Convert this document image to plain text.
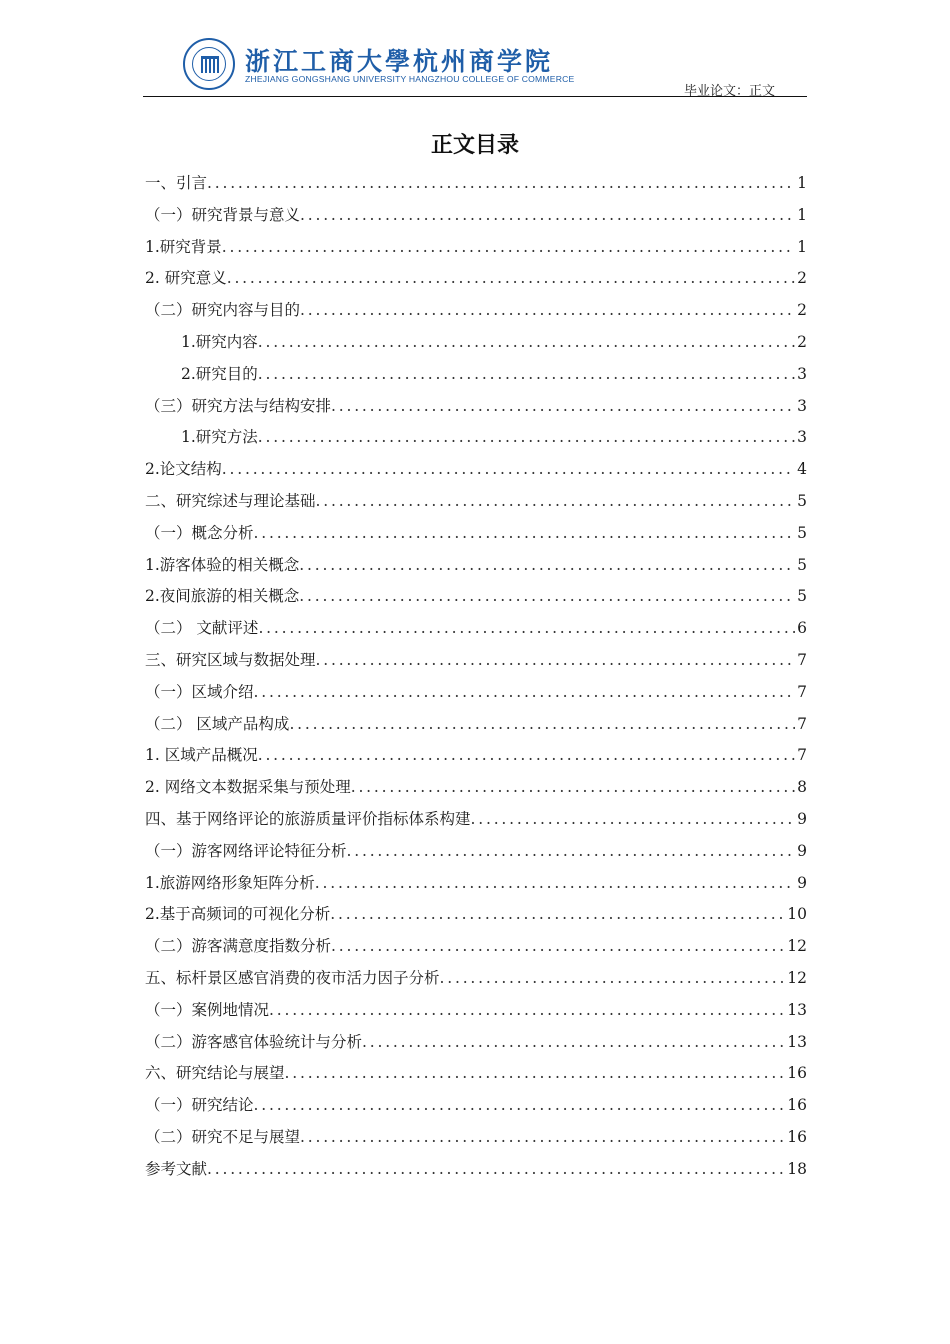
浙江工商大學杭州商学院
ZHEJIANG GONGSHANG UNIVERSITY HANGZHOU COLLEGE OF COMMERCE
毕业论文：正文
正文目录
一、引言 .....	1
（一）研究背景与意义 .....	1
1.研究背景 .....	1
2. 研究意义 .....	2
（二）研究内容与目的 .....	2
1.研究内容 .....	2
2.研究目的 .....	3
（三）研究方法与结构安排 .....	3
1.研究方法 .....	3
2.论文结构 .....	4
二、研究综述与理论基础 .....	5
（一）概念分析 .....	5
1.游客体验的相关概念 .....	5
2.夜间旅游的相关概念 .....	5
（二） 文献评述 .....	6
三、研究区域与数据处理 .....	7
（一）区域介绍 .....	7
（二） 区域产品构成 .....	7
1. 区域产品概况 .....	7
2. 网络文本数据采集与预处理 .....	8
四、基于网络评论的旅游质量评价指标体系构建 .....	9
（一）游客网络评论特征分析 .....	9
1.旅游网络形象矩阵分析 .....	9
2.基于高频词的可视化分析 .....	10
（二）游客满意度指数分析 .....	12
五、标杆景区感官消费的夜市活力因子分析 .....	12
（一）案例地情况 .....	13
（二）游客感官体验统计与分析 .....	13
六、研究结论与展望 .....	16
（一）研究结论 .....	16
（二）研究不足与展望 .....	16
参考文献 .....	18
